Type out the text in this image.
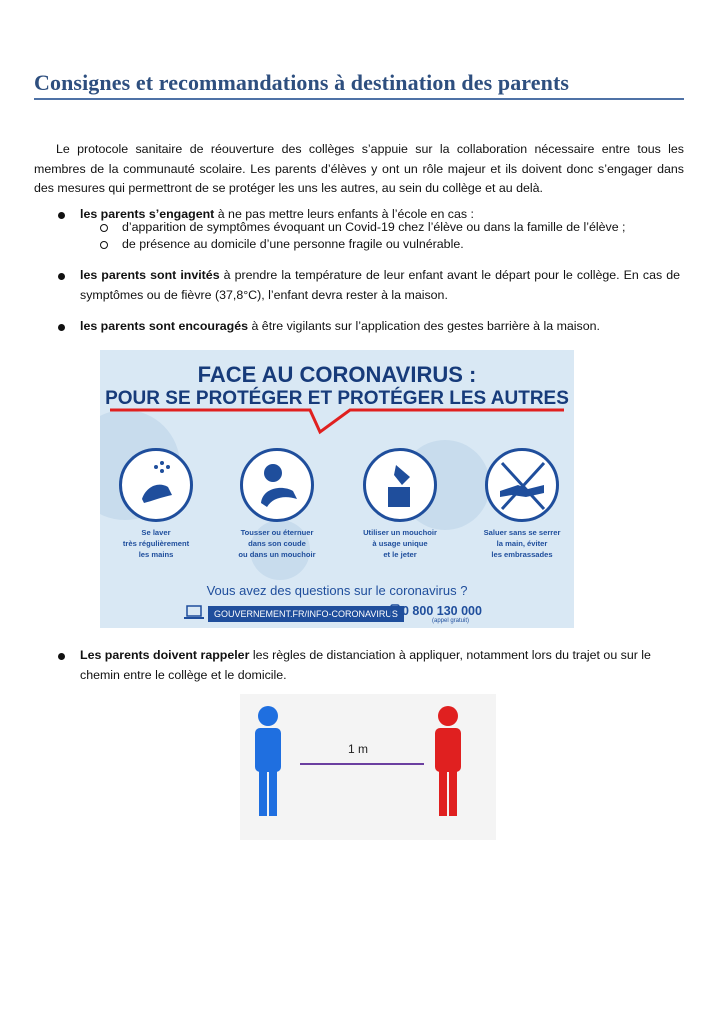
Consignes et recommandations à destination des parents
Le protocole sanitaire de réouverture des collèges s’appuie sur la collaboration nécessaire entre tous les membres de la communauté scolaire. Les parents d’élèves y ont un rôle majeur et ils doivent donc s’engager dans des mesures qui permettront de se protéger les uns les autres, au sein du collège et au delà.
les parents s’engagent à ne pas mettre leurs enfants à l’école en cas :
d’apparition de symptômes évoquant un Covid-19 chez l’élève ou dans la famille de l’élève ;
de présence au domicile d’une personne fragile ou vulnérable.
les parents sont invités à prendre la température de leur enfant avant le départ pour le collège. En cas de symptômes ou de fièvre (37,8°C), l’enfant devra rester à la maison.
les parents sont encouragés à être vigilants sur l’application des gestes barrière à la maison.
FACE AU CORONAVIRUS :
POUR SE PROTÉGER ET PROTÉGER LES AUTRES
Se laver
très régulièrement
les mains
Tousser ou éternuer
dans son coude
ou dans un mouchoir
Utiliser un mouchoir
à usage unique
et le jeter
Saluer sans se serrer
la main, éviter
les embrassades
Vous avez des questions sur le coronavirus ?
GOUVERNEMENT.FR/INFO-CORONAVIRUS 0 800 130 000
(appel gratuit)
Les parents doivent rappeler les règles de distanciation à appliquer, notamment lors du trajet ou sur le chemin entre le collège et le domicile.
1 m
